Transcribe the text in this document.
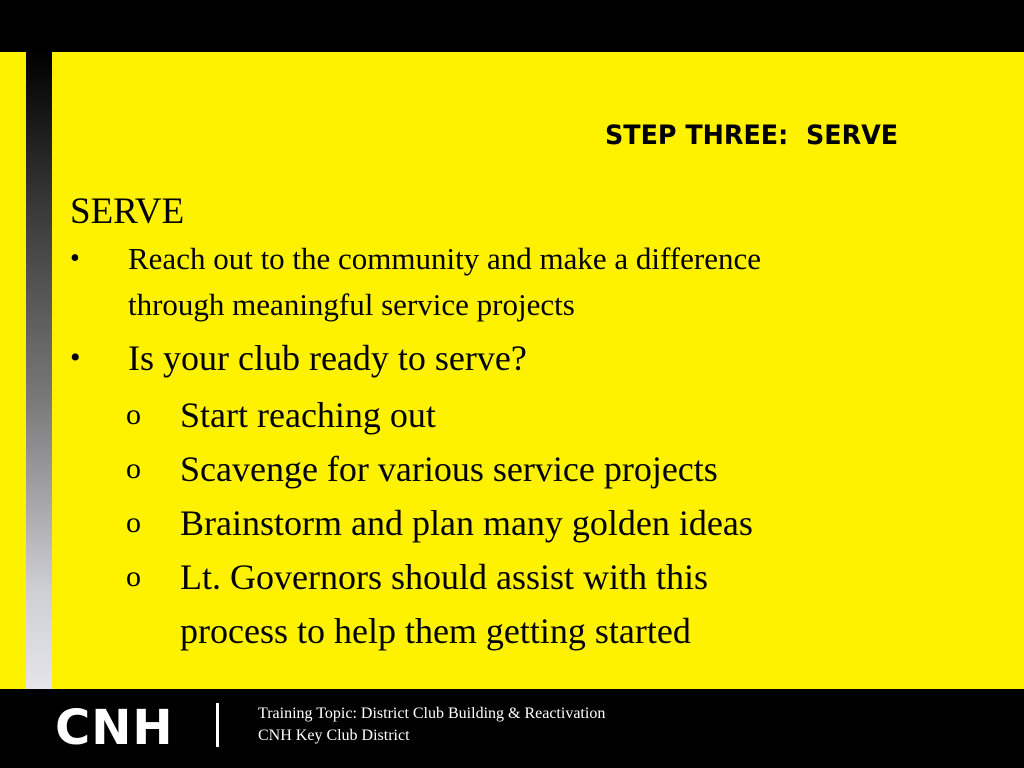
STEP THREE:  SERVE
SERVE
• Reach out to the community and make a difference
through meaningful service projects
• Is your club ready to serve?
o Start reaching out
o Scavenge for various service projects
o Brainstorm and plan many golden ideas
o Lt. Governors should assist with this
process to help them getting started
CNH	Training Topic: District Club Building & Reactivation
CNH Key Club District
